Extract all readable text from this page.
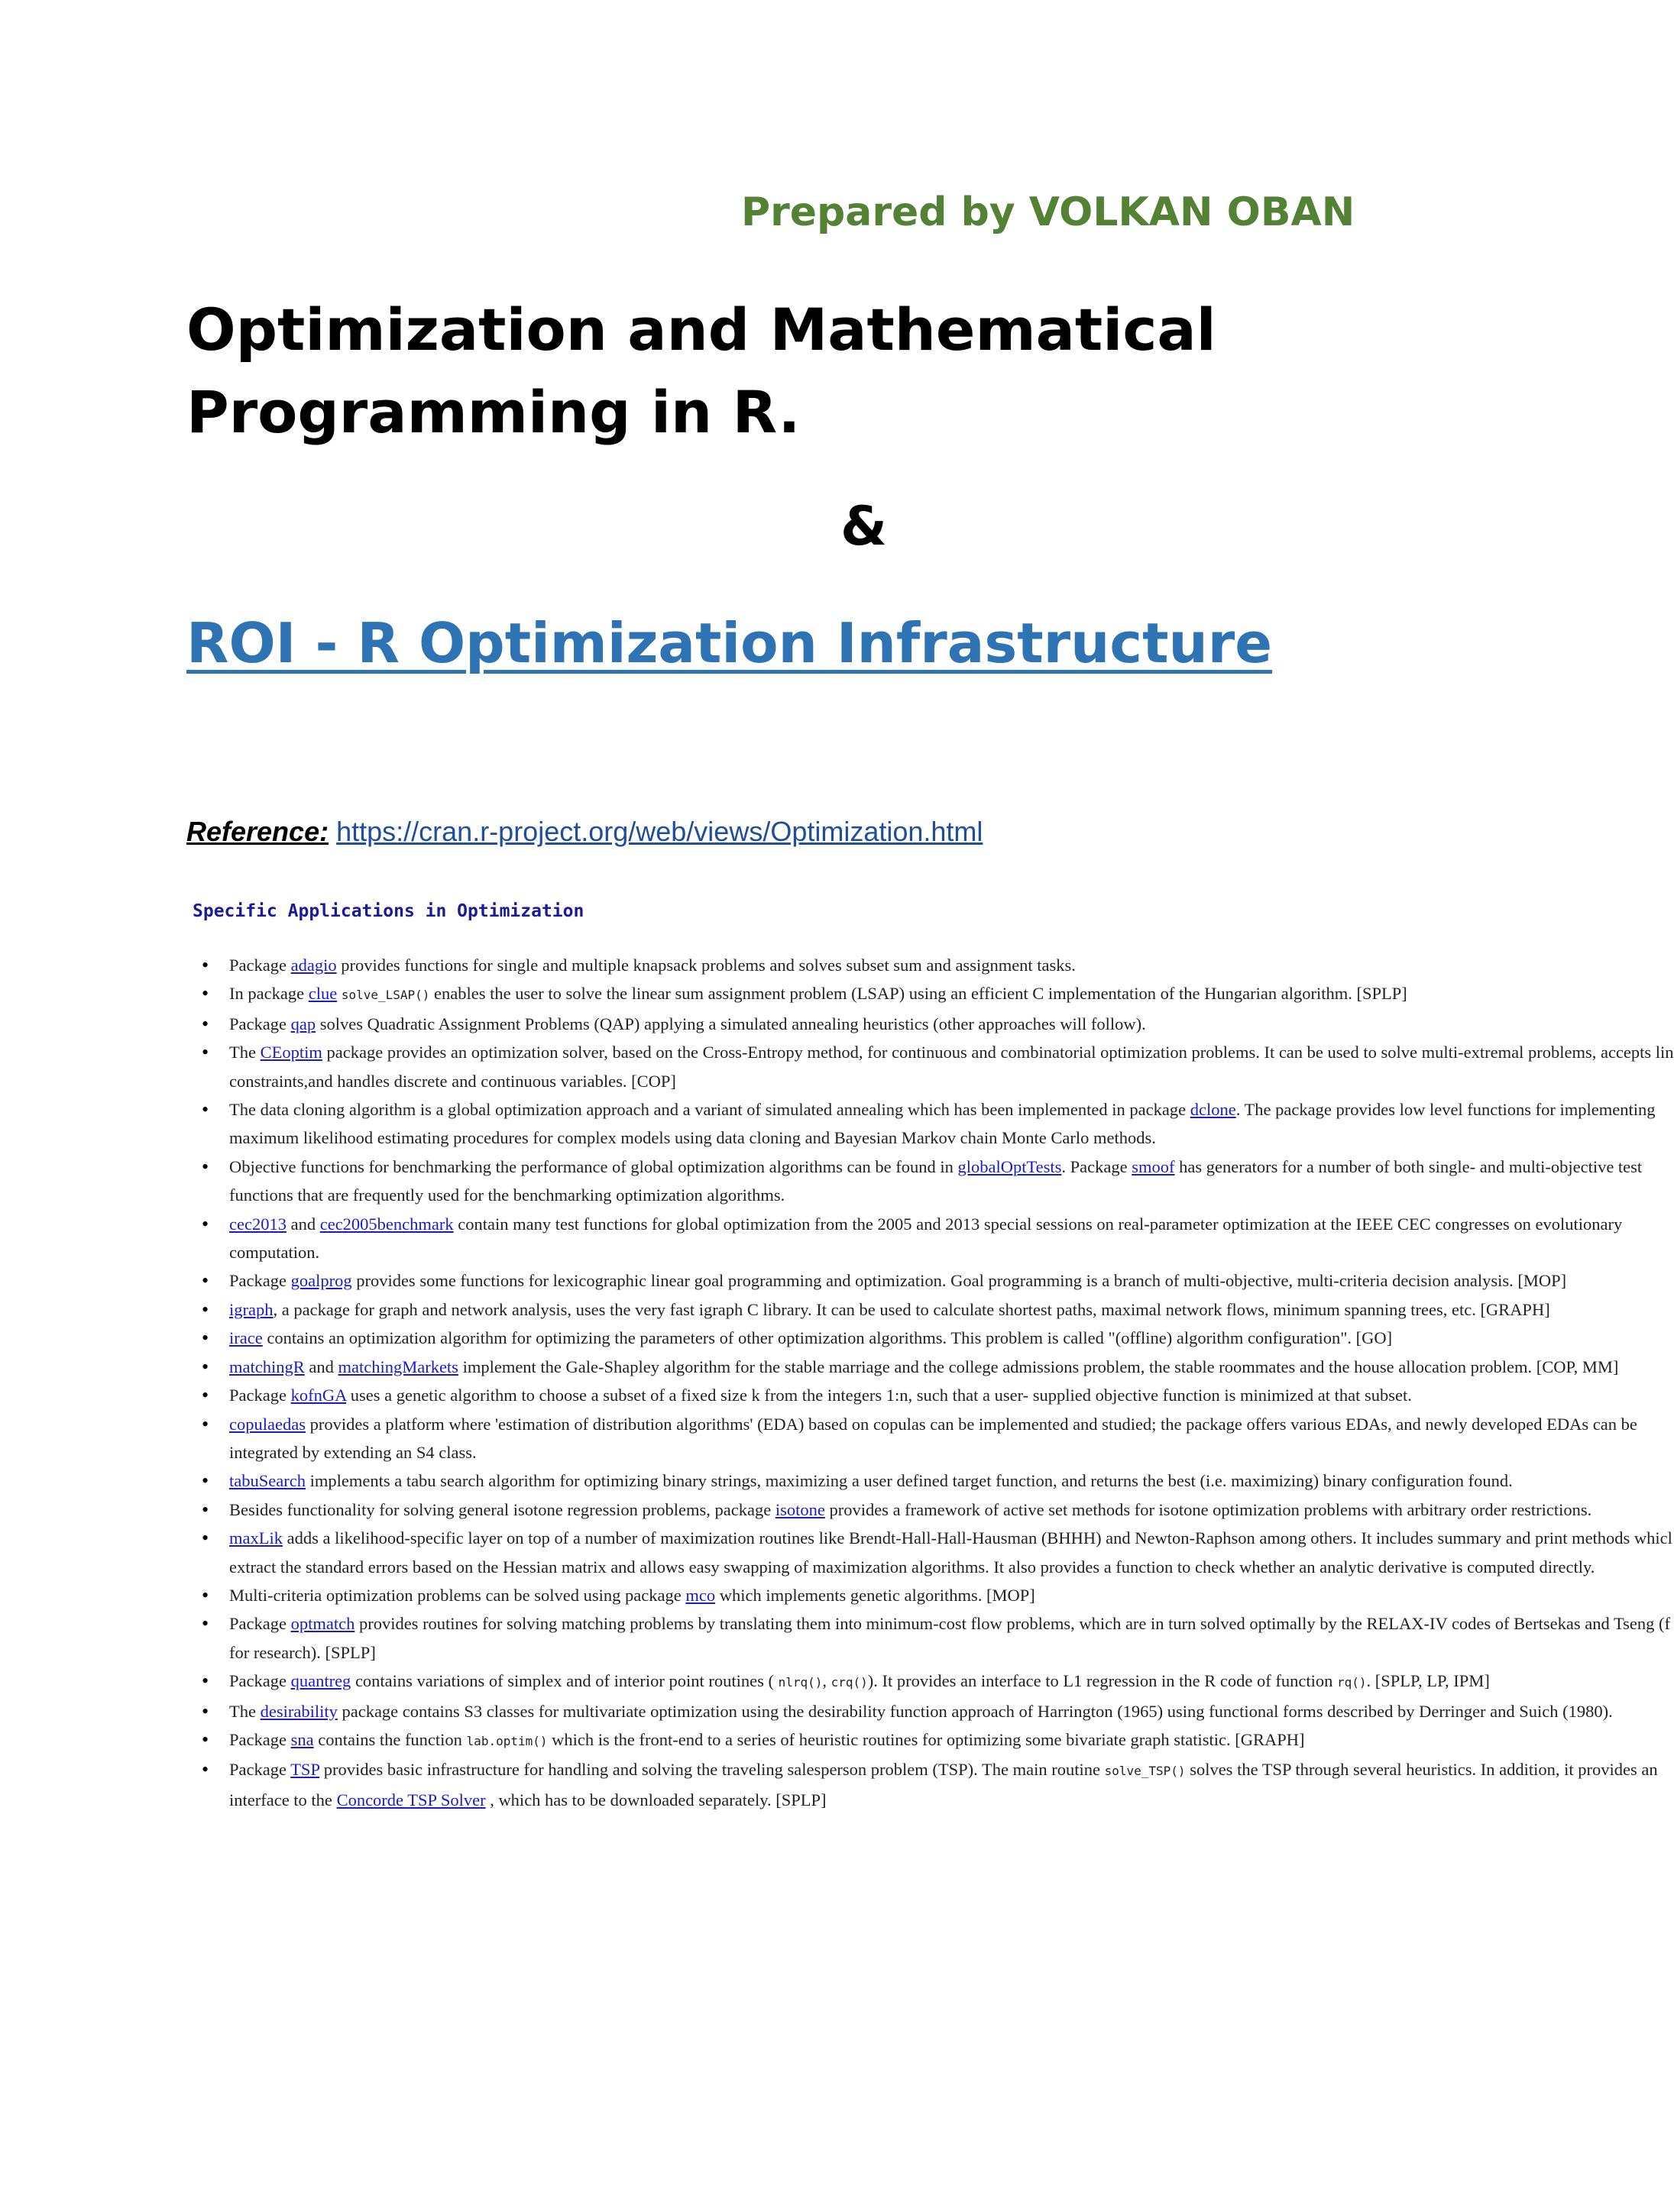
Prepared by VOLKAN OBAN
Optimization and Mathematical Programming in R.
&
ROI - R Optimization Infrastructure
Reference: https://cran.r-project.org/web/views/Optimization.html
Specific Applications in Optimization
• Package adagio provides functions for single and multiple knapsack problems and solves subset sum and assignment tasks.
• In package clue solve_LSAP() enables the user to solve the linear sum assignment problem (LSAP) using an efficient C implementation of the Hungarian algorithm. [SPLP]
• Package qap solves Quadratic Assignment Problems (QAP) applying a simulated annealing heuristics (other approaches will follow).
• The CEoptim package provides an optimization solver, based on the Cross-Entropy method, for continuous and combinatorial optimization problems. It can be used to solve multi-extremal problems, accepts lin
constraints,and handles discrete and continuous variables. [COP]
• The data cloning algorithm is a global optimization approach and a variant of simulated annealing which has been implemented in package dclone. The package provides low level functions for implementing
maximum likelihood estimating procedures for complex models using data cloning and Bayesian Markov chain Monte Carlo methods.
• Objective functions for benchmarking the performance of global optimization algorithms can be found in globalOptTests. Package smoof has generators for a number of both single- and multi-objective test
functions that are frequently used for the benchmarking optimization algorithms.
• cec2013 and cec2005benchmark contain many test functions for global optimization from the 2005 and 2013 special sessions on real-parameter optimization at the IEEE CEC congresses on evolutionary
computation.
• Package goalprog provides some functions for lexicographic linear goal programming and optimization. Goal programming is a branch of multi-objective, multi-criteria decision analysis. [MOP]
• igraph, a package for graph and network analysis, uses the very fast igraph C library. It can be used to calculate shortest paths, maximal network flows, minimum spanning trees, etc. [GRAPH]
• irace contains an optimization algorithm for optimizing the parameters of other optimization algorithms. This problem is called "(offline) algorithm configuration". [GO]
• matchingR and matchingMarkets implement the Gale-Shapley algorithm for the stable marriage and the college admissions problem, the stable roommates and the house allocation problem. [COP, MM]
• Package kofnGA uses a genetic algorithm to choose a subset of a fixed size k from the integers 1:n, such that a user- supplied objective function is minimized at that subset.
• copulaedas provides a platform where 'estimation of distribution algorithms' (EDA) based on copulas can be implemented and studied; the package offers various EDAs, and newly developed EDAs can be
integrated by extending an S4 class.
• tabuSearch implements a tabu search algorithm for optimizing binary strings, maximizing a user defined target function, and returns the best (i.e. maximizing) binary configuration found.
• Besides functionality for solving general isotone regression problems, package isotone provides a framework of active set methods for isotone optimization problems with arbitrary order restrictions.
• maxLik adds a likelihood-specific layer on top of a number of maximization routines like Brendt-Hall-Hall-Hausman (BHHH) and Newton-Raphson among others. It includes summary and print methods whicl
extract the standard errors based on the Hessian matrix and allows easy swapping of maximization algorithms. It also provides a function to check whether an analytic derivative is computed directly.
• Multi-criteria optimization problems can be solved using package mco which implements genetic algorithms. [MOP]
• Package optmatch provides routines for solving matching problems by translating them into minimum-cost flow problems, which are in turn solved optimally by the RELAX-IV codes of Bertsekas and Tseng (f
for research). [SPLP]
• Package quantreg contains variations of simplex and of interior point routines ( nlrq(), crq()). It provides an interface to L1 regression in the R code of function rq(). [SPLP, LP, IPM]
• The desirability package contains S3 classes for multivariate optimization using the desirability function approach of Harrington (1965) using functional forms described by Derringer and Suich (1980).
• Package sna contains the function lab.optim() which is the front-end to a series of heuristic routines for optimizing some bivariate graph statistic. [GRAPH]
• Package TSP provides basic infrastructure for handling and solving the traveling salesperson problem (TSP). The main routine solve_TSP() solves the TSP through several heuristics. In addition, it provides an
interface to the Concorde TSP Solver , which has to be downloaded separately. [SPLP]
